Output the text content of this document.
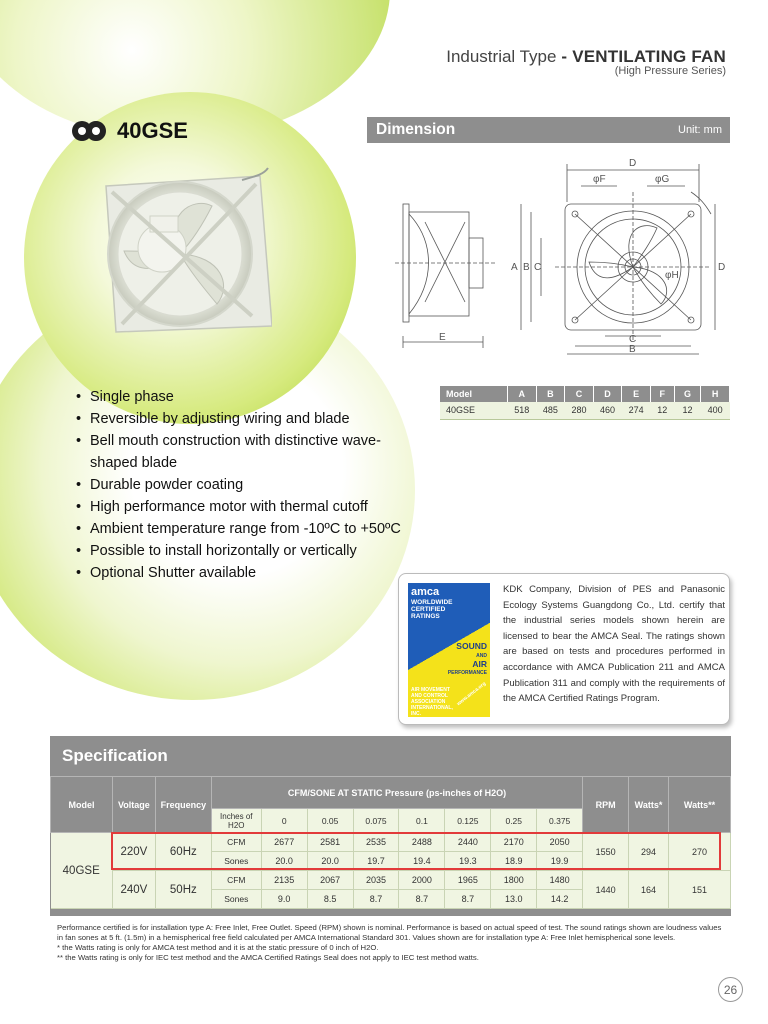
Industrial Type - VENTILATING FAN
(High Pressure Series)
40GSE
• Single phase
• Reversible by adjusting wiring and blade
• Bell mouth construction with distinctive wave-shaped blade
• Durable powder coating
• High performance motor with thermal cutoff
• Ambient temperature range from -10ºC to +50ºC
• Possible to install horizontally or vertically
• Optional Shutter available
Dimension	Unit: mm
D
φF	φG
φH
E
A B C	D
C
B
Model	A	B	C	D	E	F	G	H
40GSE	518	485	280	460	274	12	12	400
amca
WORLDWIDE CERTIFIED RATINGS
SOUND
AND
AIR
PERFORMANCE
AIR MOVEMENT AND CONTROL ASSOCIATION INTERNATIONAL, INC.
www.amca.org
KDK Company, Division of PES and Panasonic Ecology Systems Guangdong Co., Ltd. certify that the industrial series models shown herein are licensed to bear the AMCA Seal. The ratings shown are based on tests and procedures performed in accordance with AMCA Publication 211 and AMCA Publication 311 and comply with the requirements of the AMCA Certified Ratings Program.
Specification
Model	Voltage	Frequency	CFM/SONE AT STATIC Pressure (ps-inches of H2O)								RPM	Watts*	Watts**
			Inches of
H2O	0	0.05	0.075	0.1	0.125	0.25	0.375			
40GSE	220V	60Hz	CFM	2677	2581	2535	2488	2440	2170	2050	1550	294	270
			Sones	20.0	20.0	19.7	19.4	19.3	18.9	19.9			
	240V	50Hz	CFM	2135	2067	2035	2000	1965	1800	1480	1440	164	151
			Sones	9.0	8.5	8.7	8.7	8.7	13.0	14.2			
Performance certified is for installation type A: Free Inlet, Free Outlet. Speed (RPM) shown is nominal. Performance is based on actual speed of test. The sound ratings shown are loudness values in fan sones at 5 ft. (1.5m) in a hemispherical free field calculated per AMCA International Standard 301. Values shown are for installation type A: Free Inlet hemispherical sone levels.
* the Watts rating is only for AMCA test method and it is at the static pressure of 0 inch of H2O.
** the Watts rating is only for IEC test method and the AMCA Certified Ratings Seal does not apply to IEC test method watts.
26
